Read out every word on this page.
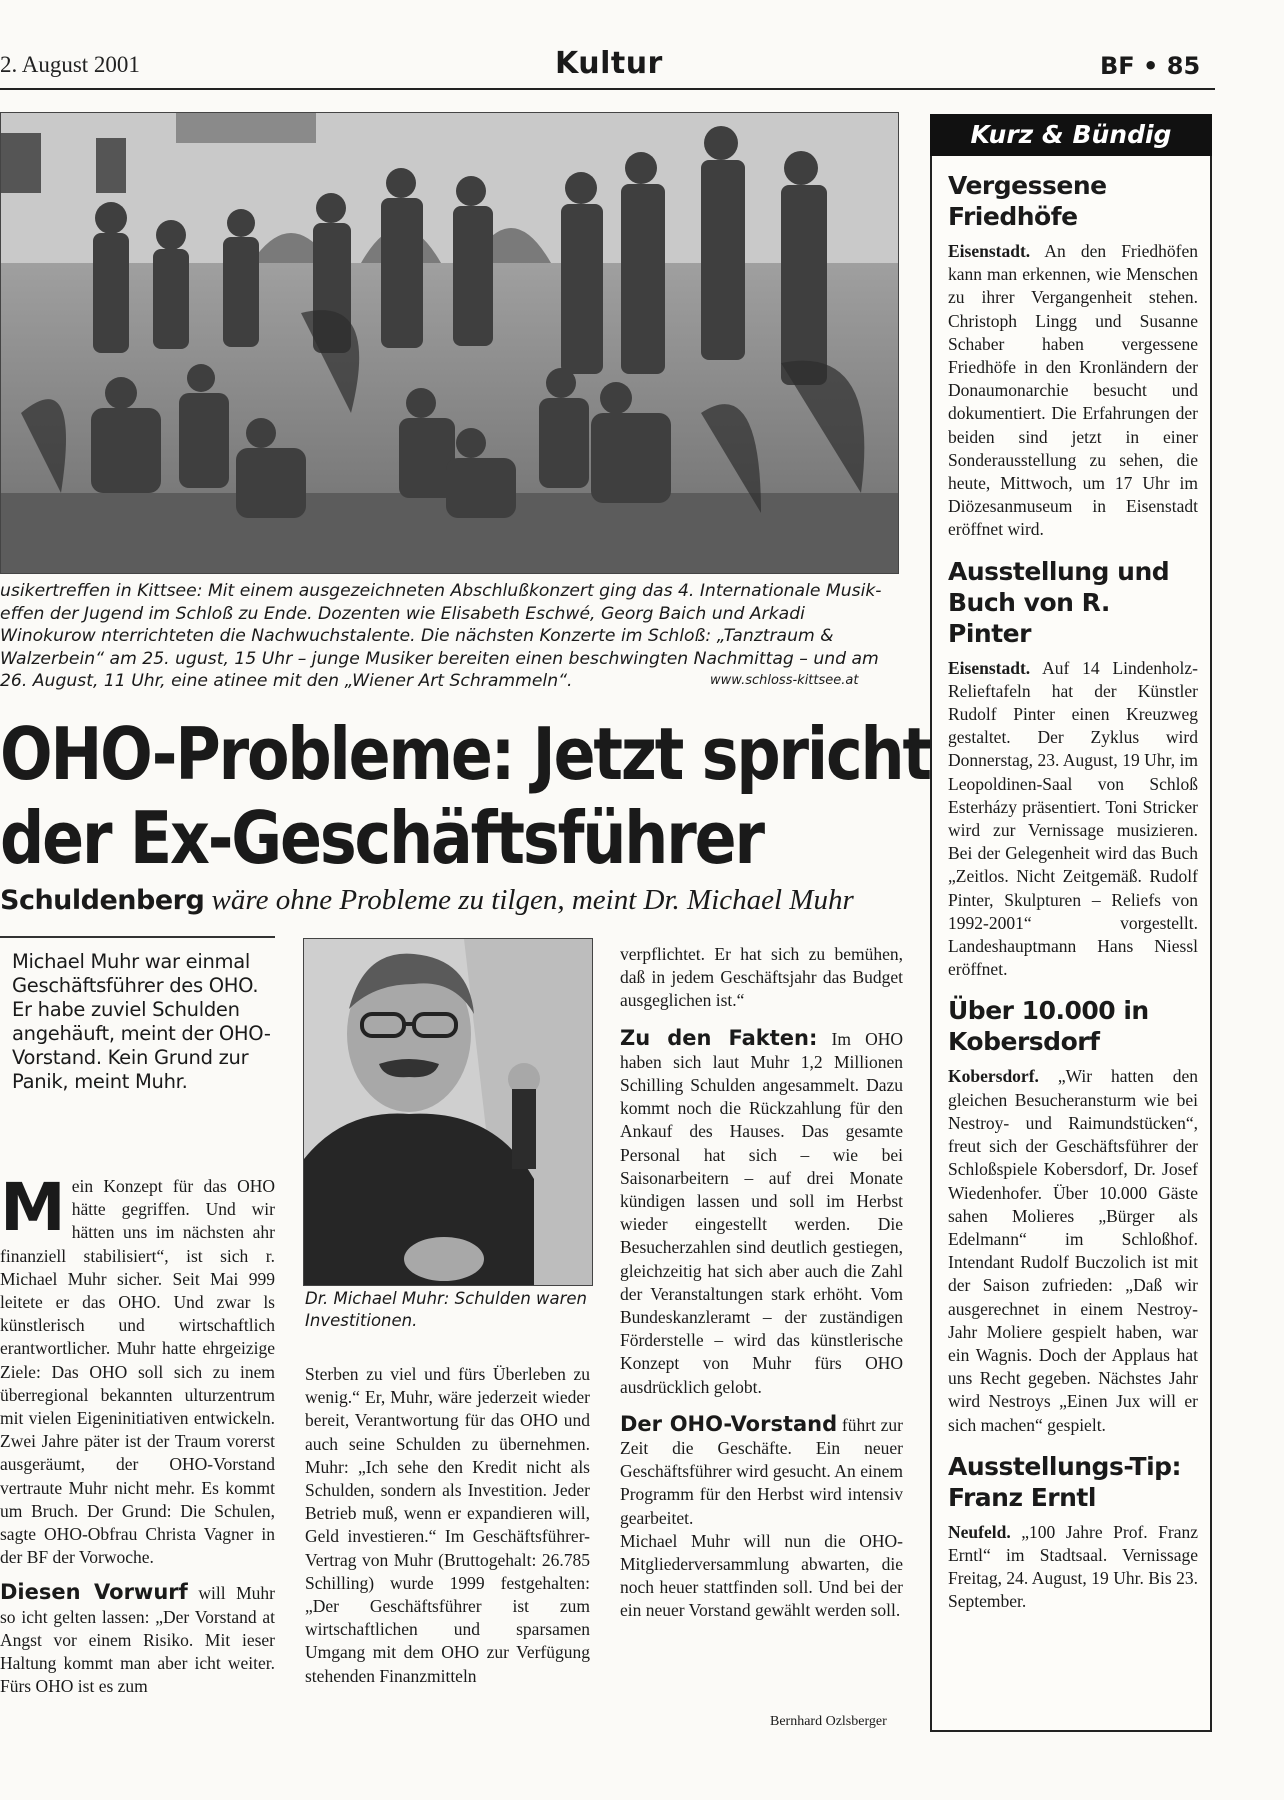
2. August 2001	Kultur	BF • 85
usikertreffen in Kittsee: Mit einem ausgezeichneten Abschlußkonzert ging das 4. Internationale Musik-effen der Jugend im Schloß zu Ende. Dozenten wie Elisabeth Eschwé, Georg Baich und Arkadi Winokurow nterrichteten die Nachwuchstalente. Die nächsten Konzerte im Schloß: „Tanztraum & Walzerbein“ am 25. ugust, 15 Uhr – junge Musiker bereiten einen beschwingten Nachmittag – und am 26. August, 11 Uhr, eine atinee mit den „Wiener Art Schrammeln“.	www.schloss-kittsee.at
OHO-Probleme: Jetzt spricht
der Ex-Geschäftsführer
Schuldenberg wäre ohne Probleme zu tilgen, meint Dr. Michael Muhr
Michael Muhr war einmal Geschäftsführer des OHO. Er habe zuviel Schulden angehäuft, meint der OHO-Vorstand. Kein Grund zur Panik, meint Muhr.

Mein Konzept für das OHO hätte gegriffen. Und wir hätten uns im nächsten ahr finanziell stabilisiert“, ist sich r. Michael Muhr sicher. Seit Mai 999 leitete er das OHO. Und zwar ls künstlerisch und wirtschaftlich erantwortlicher. Muhr hatte ehrgeizige Ziele: Das OHO soll sich zu inem überregional bekannten ulturzentrum mit vielen Eigeninitiativen entwickeln. Zwei Jahre päter ist der Traum vorerst ausgeräumt, der OHO-Vorstand vertraute Muhr nicht mehr. Es kommt um Bruch. Der Grund: Die Schulen, sagte OHO-Obfrau Christa Vagner in der BF der Vorwoche.

Diesen Vorwurf will Muhr so icht gelten lassen: „Der Vorstand at Angst vor einem Risiko. Mit ieser Haltung kommt man aber icht weiter. Fürs OHO ist es zum

Dr. Michael Muhr: Schulden waren Investitionen.

Sterben zu viel und fürs Überleben zu wenig.“ Er, Muhr, wäre jederzeit wieder bereit, Verantwortung für das OHO und auch seine Schulden zu übernehmen. Muhr: „Ich sehe den Kredit nicht als Schulden, sondern als Investition. Jeder Betrieb muß, wenn er expandieren will, Geld investieren.“ Im Geschäftsführer-Vertrag von Muhr (Bruttogehalt: 26.785 Schilling) wurde 1999 festgehalten: „Der Geschäftsführer ist zum wirtschaftlichen und sparsamen Umgang mit dem OHO zur Verfügung stehenden Finanzmitteln

verpflichtet. Er hat sich zu bemühen, daß in jedem Geschäftsjahr das Budget ausgeglichen ist.“

Zu den Fakten: Im OHO haben sich laut Muhr 1,2 Millionen Schilling Schulden angesammelt. Dazu kommt noch die Rückzahlung für den Ankauf des Hauses. Das gesamte Personal hat sich – wie bei Saisonarbeitern – auf drei Monate kündigen lassen und soll im Herbst wieder eingestellt werden. Die Besucherzahlen sind deutlich gestiegen, gleichzeitig hat sich aber auch die Zahl der Veranstaltungen stark erhöht. Vom Bundeskanzleramt – der zuständigen Förderstelle – wird das künstlerische Konzept von Muhr fürs OHO ausdrücklich gelobt.

Der OHO-Vorstand führt zur Zeit die Geschäfte. Ein neuer Geschäftsführer wird gesucht. An einem Programm für den Herbst wird intensiv gearbeitet.

Michael Muhr will nun die OHO-Mitgliederversammlung abwarten, die noch heuer stattfinden soll. Und bei der ein neuer Vorstand gewählt werden soll.

Bernhard Ozlsberger
Kurz & Bündig
Vergessene Friedhöfe

Eisenstadt. An den Friedhöfen kann man erkennen, wie Menschen zu ihrer Vergangenheit stehen. Christoph Lingg und Susanne Schaber haben vergessene Friedhöfe in den Kronländern der Donaumonarchie besucht und dokumentiert. Die Erfahrungen der beiden sind jetzt in einer Sonderausstellung zu sehen, die heute, Mittwoch, um 17 Uhr im Diözesanmuseum in Eisenstadt eröffnet wird.

Ausstellung und Buch von R. Pinter

Eisenstadt. Auf 14 Lindenholz-Relieftafeln hat der Künstler Rudolf Pinter einen Kreuzweg gestaltet. Der Zyklus wird Donnerstag, 23. August, 19 Uhr, im Leopoldinen-Saal von Schloß Esterházy präsentiert. Toni Stricker wird zur Vernissage musizieren. Bei der Gelegenheit wird das Buch „Zeitlos. Nicht Zeitgemäß. Rudolf Pinter, Skulpturen – Reliefs von 1992-2001“ vorgestellt. Landeshauptmann Hans Niessl eröffnet.

Über 10.000 in Kobersdorf

Kobersdorf. „Wir hatten den gleichen Besucheransturm wie bei Nestroy- und Raimundstücken“, freut sich der Geschäftsführer der Schloßspiele Kobersdorf, Dr. Josef Wiedenhofer. Über 10.000 Gäste sahen Molieres „Bürger als Edelmann“ im Schloßhof. Intendant Rudolf Buczolich ist mit der Saison zufrieden: „Daß wir ausgerechnet in einem Nestroy-Jahr Moliere gespielt haben, war ein Wagnis. Doch der Applaus hat uns Recht gegeben. Nächstes Jahr wird Nestroys „Einen Jux will er sich machen“ gespielt.

Ausstellungs-Tip: Franz Erntl

Neufeld. „100 Jahre Prof. Franz Erntl“ im Stadtsaal. Vernissage Freitag, 24. August, 19 Uhr. Bis 23. September.
